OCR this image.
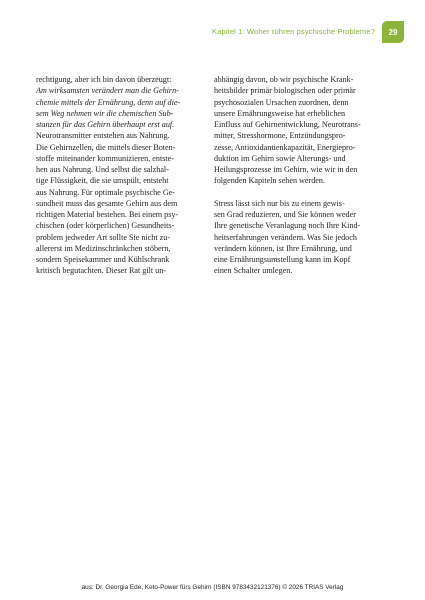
Kapitel 1: Woher rühren psychische Probleme?	29
rechtigung, aber ich bin davon überzeugt:
Am wirksamsten verändert man die Gehirn-
chemie mittels der Ernährung, denn auf die-
sem Weg nehmen wir die chemischen Sub-
stanzen für das Gehirn überhaupt erst auf.
Neurotransmitter entstehen aus Nahrung.
Die Gehirnzellen, die mittels dieser Boten-
stoffe miteinander kommunizieren, entste-
hen aus Nahrung. Und selbst die salzhal-
tige Flüssigkeit, die sie umspült, entsteht
aus Nahrung. Für optimale psychische Ge-
sundheit muss das gesamte Gehirn aus dem
richtigen Material bestehen. Bei einem psy-
chischen (oder körperlichen) Gesundheits-
problem jedweder Art sollte Sie nicht zu-
allererst im Medizinschränkchen stöbern,
sondern Speisekammer und Kühlschrank
kritisch begutachten. Dieser Rat gilt un-
abhängig davon, ob wir psychische Krank-
heitsbilder primär biologischen oder primär
psychosozialen Ursachen zuordnen, denn
unsere Ernährungsweise hat erheblichen
Einfluss auf Gehirnentwicklung, Neurotrans-
mitter, Stresshormone, Entzündungspro-
zesse, Antioxidantienkapazität, Energiepro-
duktion im Gehirn sowie Alterungs- und
Heilungsprozesse im Gehirn, wie wir in den
folgenden Kapiteln sehen werden.
Stress lässt sich nur bis zu einem gewis-
sen Grad reduzieren, und Sie können weder
Ihre genetische Veranlagung noch Ihre Kind-
heitserfahrungen verändern. Was Sie jedoch
verändern können, ist Ihre Ernährung, und
eine Ernährungsumstellung kann im Kopf
einen Schalter umlegen.
aus: Dr. Georgia Ede, Keto-Power fürs Gehirn (ISBN 9783432121376) © 2026 TRIAS Verlag
